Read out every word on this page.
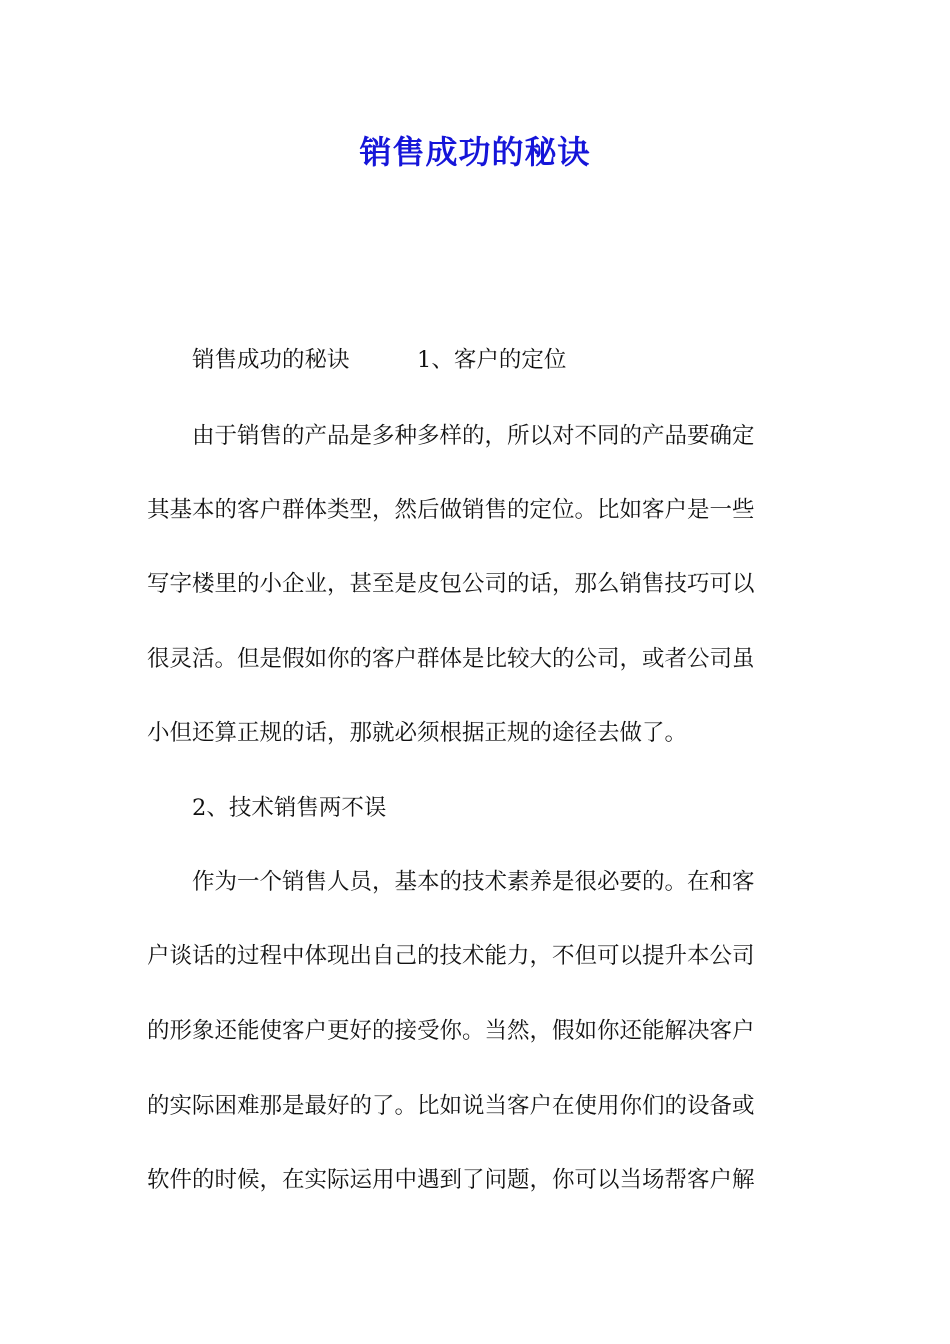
销售成功的秘诀
销售成功的秘诀　　　1、客户的定位
由于销售的产品是多种多样的，所以对不同的产品要确定
其基本的客户群体类型，然后做销售的定位。比如客户是一些
写字楼里的小企业，甚至是皮包公司的话，那么销售技巧可以
很灵活。但是假如你的客户群体是比较大的公司，或者公司虽
小但还算正规的话，那就必须根据正规的途径去做了。
2、技术销售两不误
作为一个销售人员，基本的技术素养是很必要的。在和客
户谈话的过程中体现出自己的技术能力，不但可以提升本公司
的形象还能使客户更好的接受你。当然，假如你还能解决客户
的实际困难那是最好的了。比如说当客户在使用你们的设备或
软件的时候，在实际运用中遇到了问题，你可以当场帮客户解
